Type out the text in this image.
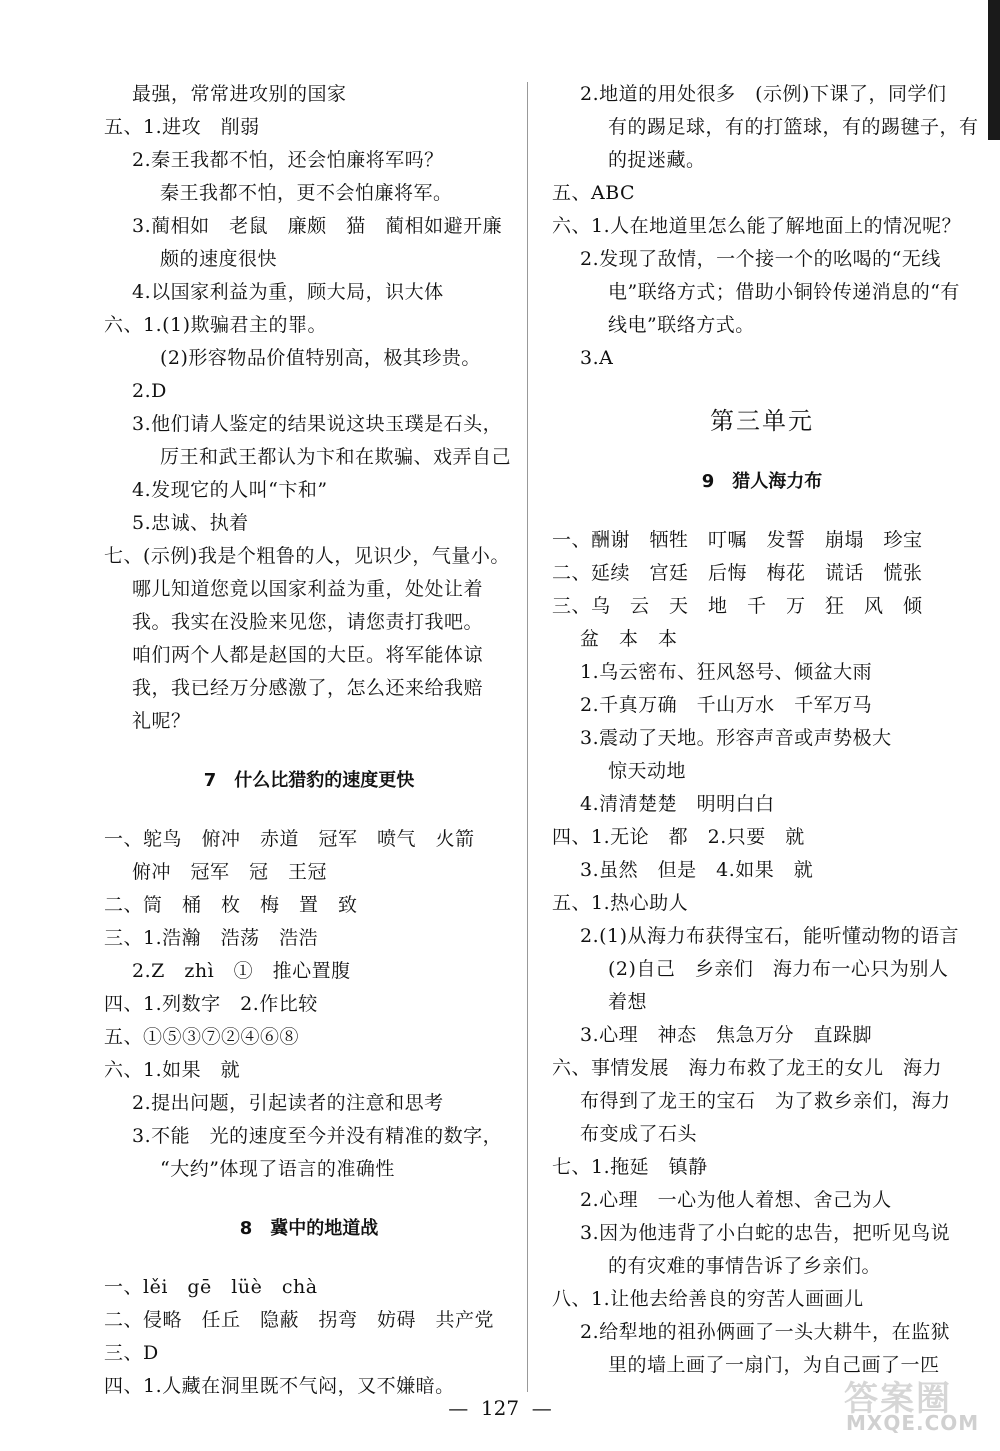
最强，常常进攻别的国家
五、1.进攻　削弱
2.秦王我都不怕，还会怕廉将军吗？
秦王我都不怕，更不会怕廉将军。
3.蔺相如　老鼠　廉颇　猫　蔺相如避开廉
颇的速度很快
4.以国家利益为重，顾大局，识大体
六、1.(1)欺骗君主的罪。
(2)形容物品价值特别高，极其珍贵。
2.D
3.他们请人鉴定的结果说这块玉璞是石头，
厉王和武王都认为卞和在欺骗、戏弄自己
4.发现它的人叫“卞和”
5.忠诚、执着
七、(示例)我是个粗鲁的人，见识少，气量小。
哪儿知道您竟以国家利益为重，处处让着
我。我实在没脸来见您，请您责打我吧。
咱们两个人都是赵国的大臣。将军能体谅
我，我已经万分感激了，怎么还来给我赔
礼呢？
7　什么比猎豹的速度更快
一、鸵鸟　俯冲　赤道　冠军　喷气　火箭
俯冲　冠军　冠　王冠
二、筒　桶　枚　梅　置　致
三、1.浩瀚　浩荡　浩浩
2.Z　zhì　①　推心置腹
四、1.列数字　2.作比较
五、①⑤③⑦②④⑥⑧
六、1.如果　就
2.提出问题，引起读者的注意和思考
3.不能　光的速度至今并没有精准的数字，
“大约”体现了语言的准确性
8　冀中的地道战
一、lěi　gē　lüè　chà
二、侵略　任丘　隐蔽　拐弯　妨碍　共产党
三、D
四、1.人藏在洞里既不气闷，又不嫌暗。
2.地道的用处很多　(示例)下课了，同学们
有的踢足球，有的打篮球，有的踢毽子，有
的捉迷藏。
五、ABC
六、1.人在地道里怎么能了解地面上的情况呢？
2.发现了敌情，一个接一个的吆喝的“无线
电”联络方式；借助小铜铃传递消息的“有
线电”联络方式。
3.A
第三单元
9　猎人海力布
一、酬谢　牺牲　叮嘱　发誓　崩塌　珍宝
二、延续　宫廷　后悔　梅花　谎话　慌张
三、乌　云　天　地　千　万　狂　风　倾
盆　本　本
1.乌云密布、狂风怒号、倾盆大雨
2.千真万确　千山万水　千军万马
3.震动了天地。形容声音或声势极大
惊天动地
4.清清楚楚　明明白白
四、1.无论　都　2.只要　就
3.虽然　但是　4.如果　就
五、1.热心助人
2.(1)从海力布获得宝石，能听懂动物的语言
(2)自己　乡亲们　海力布一心只为别人
着想
3.心理　神态　焦急万分　直跺脚
六、事情发展　海力布救了龙王的女儿　海力
布得到了龙王的宝石　为了救乡亲们，海力
布变成了石头
七、1.拖延　镇静
2.心理　一心为他人着想、舍己为人
3.因为他违背了小白蛇的忠告，把听见鸟说
的有灾难的事情告诉了乡亲们。
八、1.让他去给善良的穷苦人画画儿
2.给犁地的祖孙俩画了一头大耕牛，在监狱
里的墙上画了一扇门，为自己画了一匹
—  127  —	答案圈
MXQE.COM
